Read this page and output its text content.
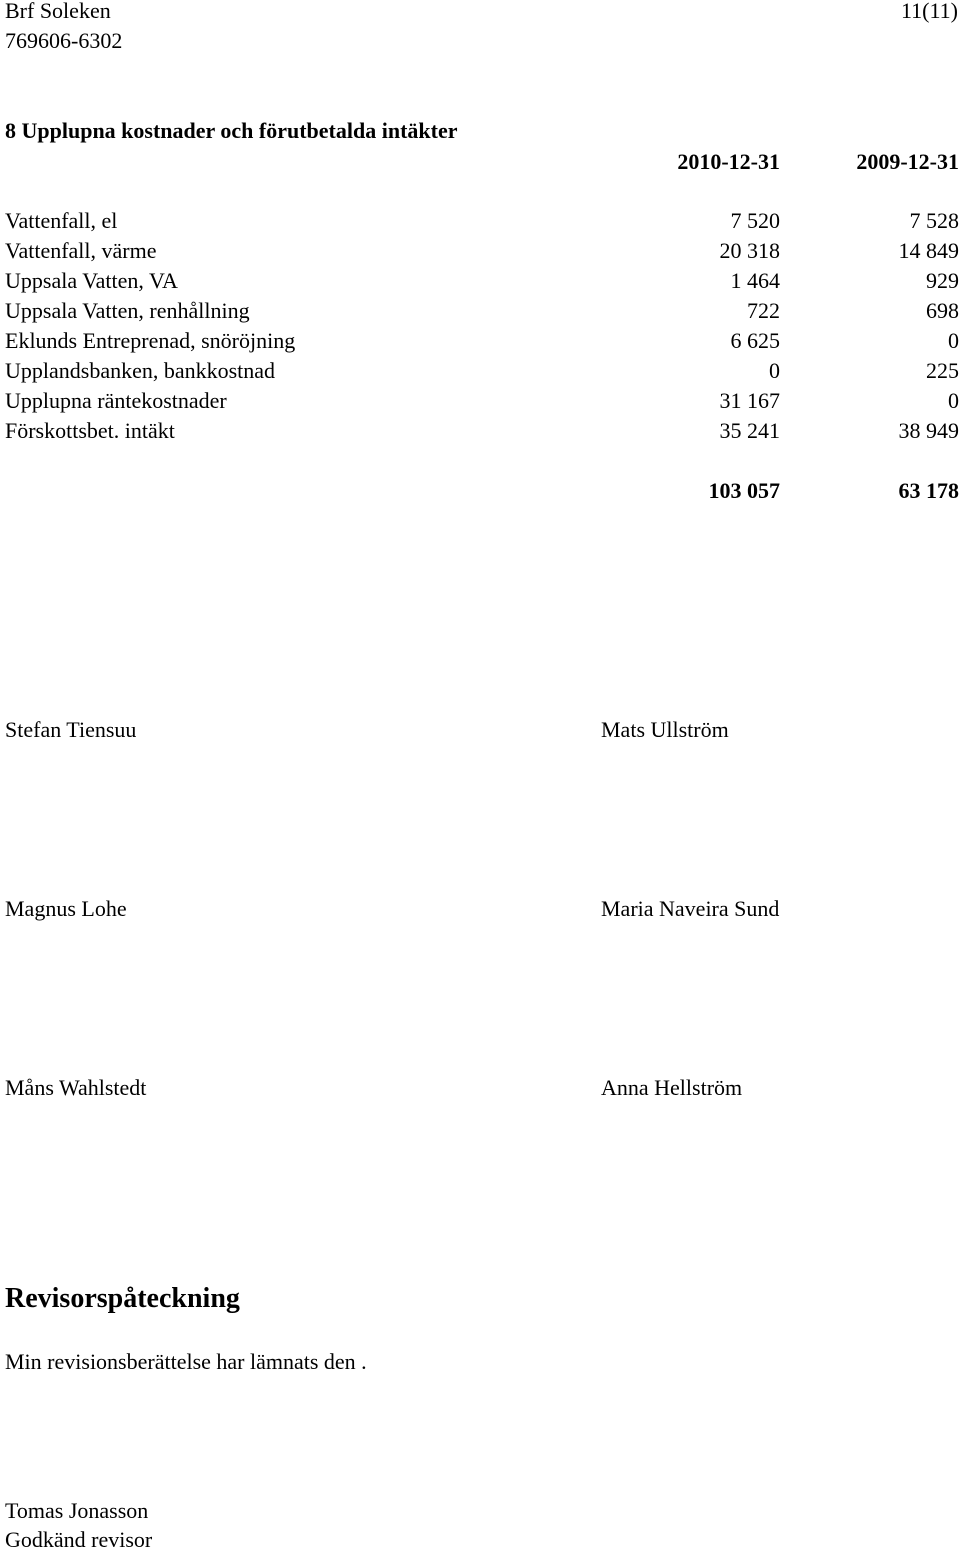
Brf Soleken
769606-6302
11(11)
8 Upplupna kostnader och förutbetalda intäkter
2010-12-31	2009-12-31
Vattenfall, el	7 520	7 528
Vattenfall, värme	20 318	14 849
Uppsala Vatten, VA	1 464	929
Uppsala Vatten, renhållning	722	698
Eklunds Entreprenad, snöröjning	6 625	0
Upplandsbanken, bankkostnad	0	225
Upplupna räntekostnader	31 167	0
Förskottsbet. intäkt	35 241	38 949
103 057	63 178
Stefan Tiensuu	Mats Ullström
Magnus Lohe	Maria Naveira Sund
Måns Wahlstedt	Anna Hellström
Revisorspåteckning
Min revisionsberättelse har lämnats den .
Tomas Jonasson
Godkänd revisor
